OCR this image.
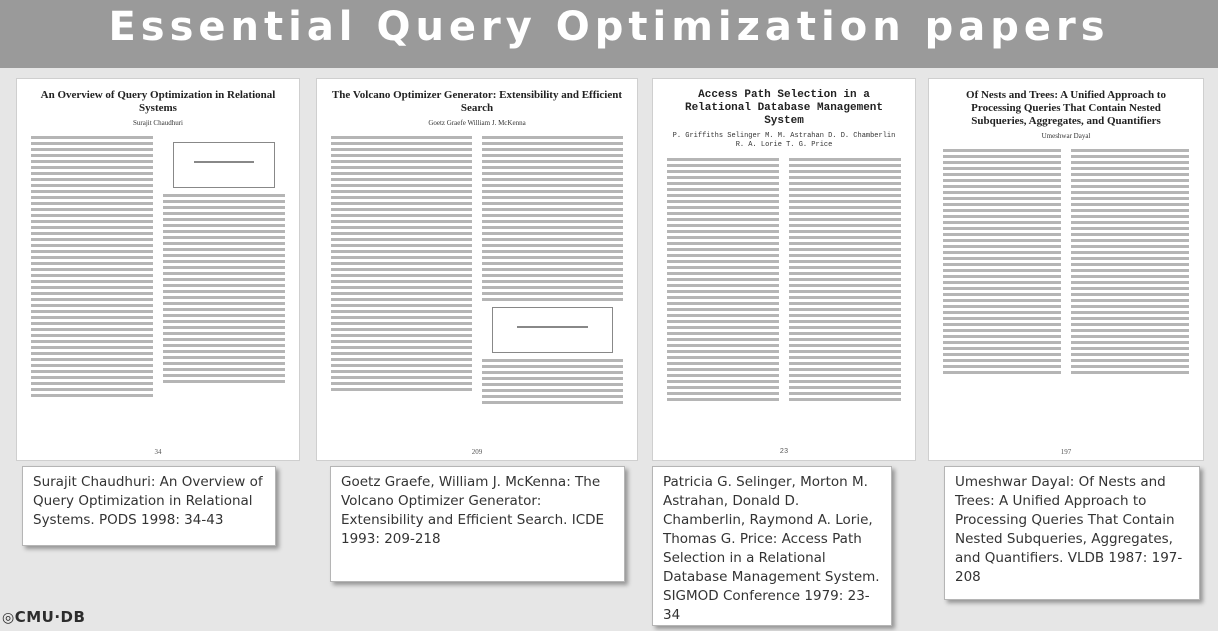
Essential Query Optimization papers
An Overview of Query Optimization in Relational Systems
Surajit Chaudhuri
34
The Volcano Optimizer Generator: Extensibility and Efficient Search
Goetz Graefe William J. McKenna
209
Access Path Selection in a Relational Database Management System
P. Griffiths Selinger M. M. Astrahan D. D. Chamberlin R. A. Lorie T. G. Price
23
Of Nests and Trees: A Unified Approach to Processing Queries That Contain Nested Subqueries, Aggregates, and Quantifiers
Umeshwar Dayal
197
Surajit Chaudhuri: An Overview of Query Optimization in Relational Systems. PODS 1998: 34-43
Goetz Graefe, William J. McKenna: The Volcano Optimizer Generator: Extensibility and Efficient Search. ICDE 1993: 209-218
Patricia G. Selinger, Morton M. Astrahan, Donald D. Chamberlin, Raymond A. Lorie, Thomas G. Price: Access Path Selection in a Relational Database Management System. SIGMOD Conference 1979: 23-34
Umeshwar Dayal: Of Nests and Trees: A Unified Approach to Processing Queries That Contain Nested Subqueries, Aggregates, and Quantifiers. VLDB 1987: 197-208
◎CMU·DB
